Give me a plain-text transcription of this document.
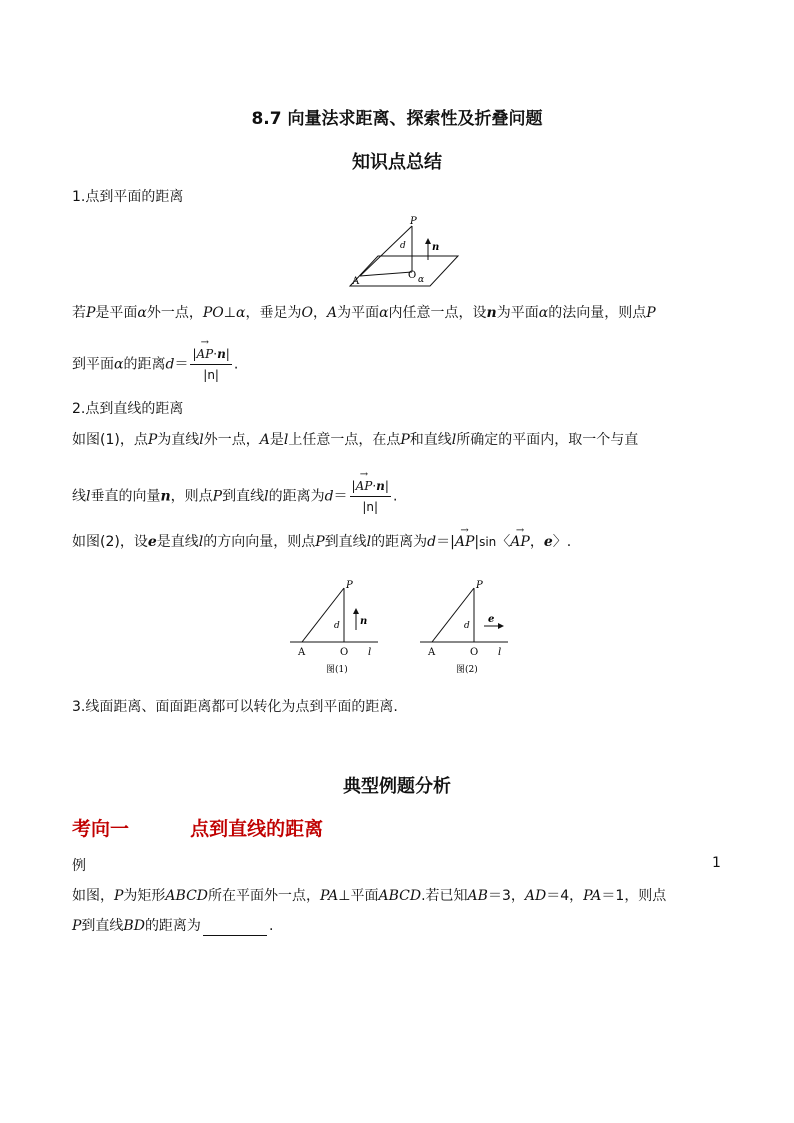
8.7 向量法求距离、探索性及折叠问题
知识点总结
1.点到平面的距离
P
n
d
A
O α
若P是平面α外一点，PO⊥α，垂足为O，A为平面α内任意一点，设n为平面α的法向量，则点P
到平面α的距离$d= \frac{|\to AP\cdot n|}{|n|}$ .
2.点到直线的距离
如图(1)，点P为直线l外一点，A是l上任意一点，在点P和直线l所确定的平面内，取一个与直
线l垂直的向量n，则点P到直线l的距离为$d= \frac{|\to AP\cdot n|}{|n|}$ .
如图(2)，设e是直线l的方向向量，则点P到直线l的距离为d＝|→ AP|sin〈→ AP，e〉.
P
n
d
A	O l
图(1)
P
e
d
A	O l
图(2)
3.线面距离、面面距离都可以转化为点到平面的距离.
典型例题分析
考向一	点到直线的距离
例	1
如图，P为矩形ABCD所在平面外一点，PA⊥平面ABCD.若已知AB＝3，AD＝4，PA＝1，则点
P到直线BD的距离为	.
